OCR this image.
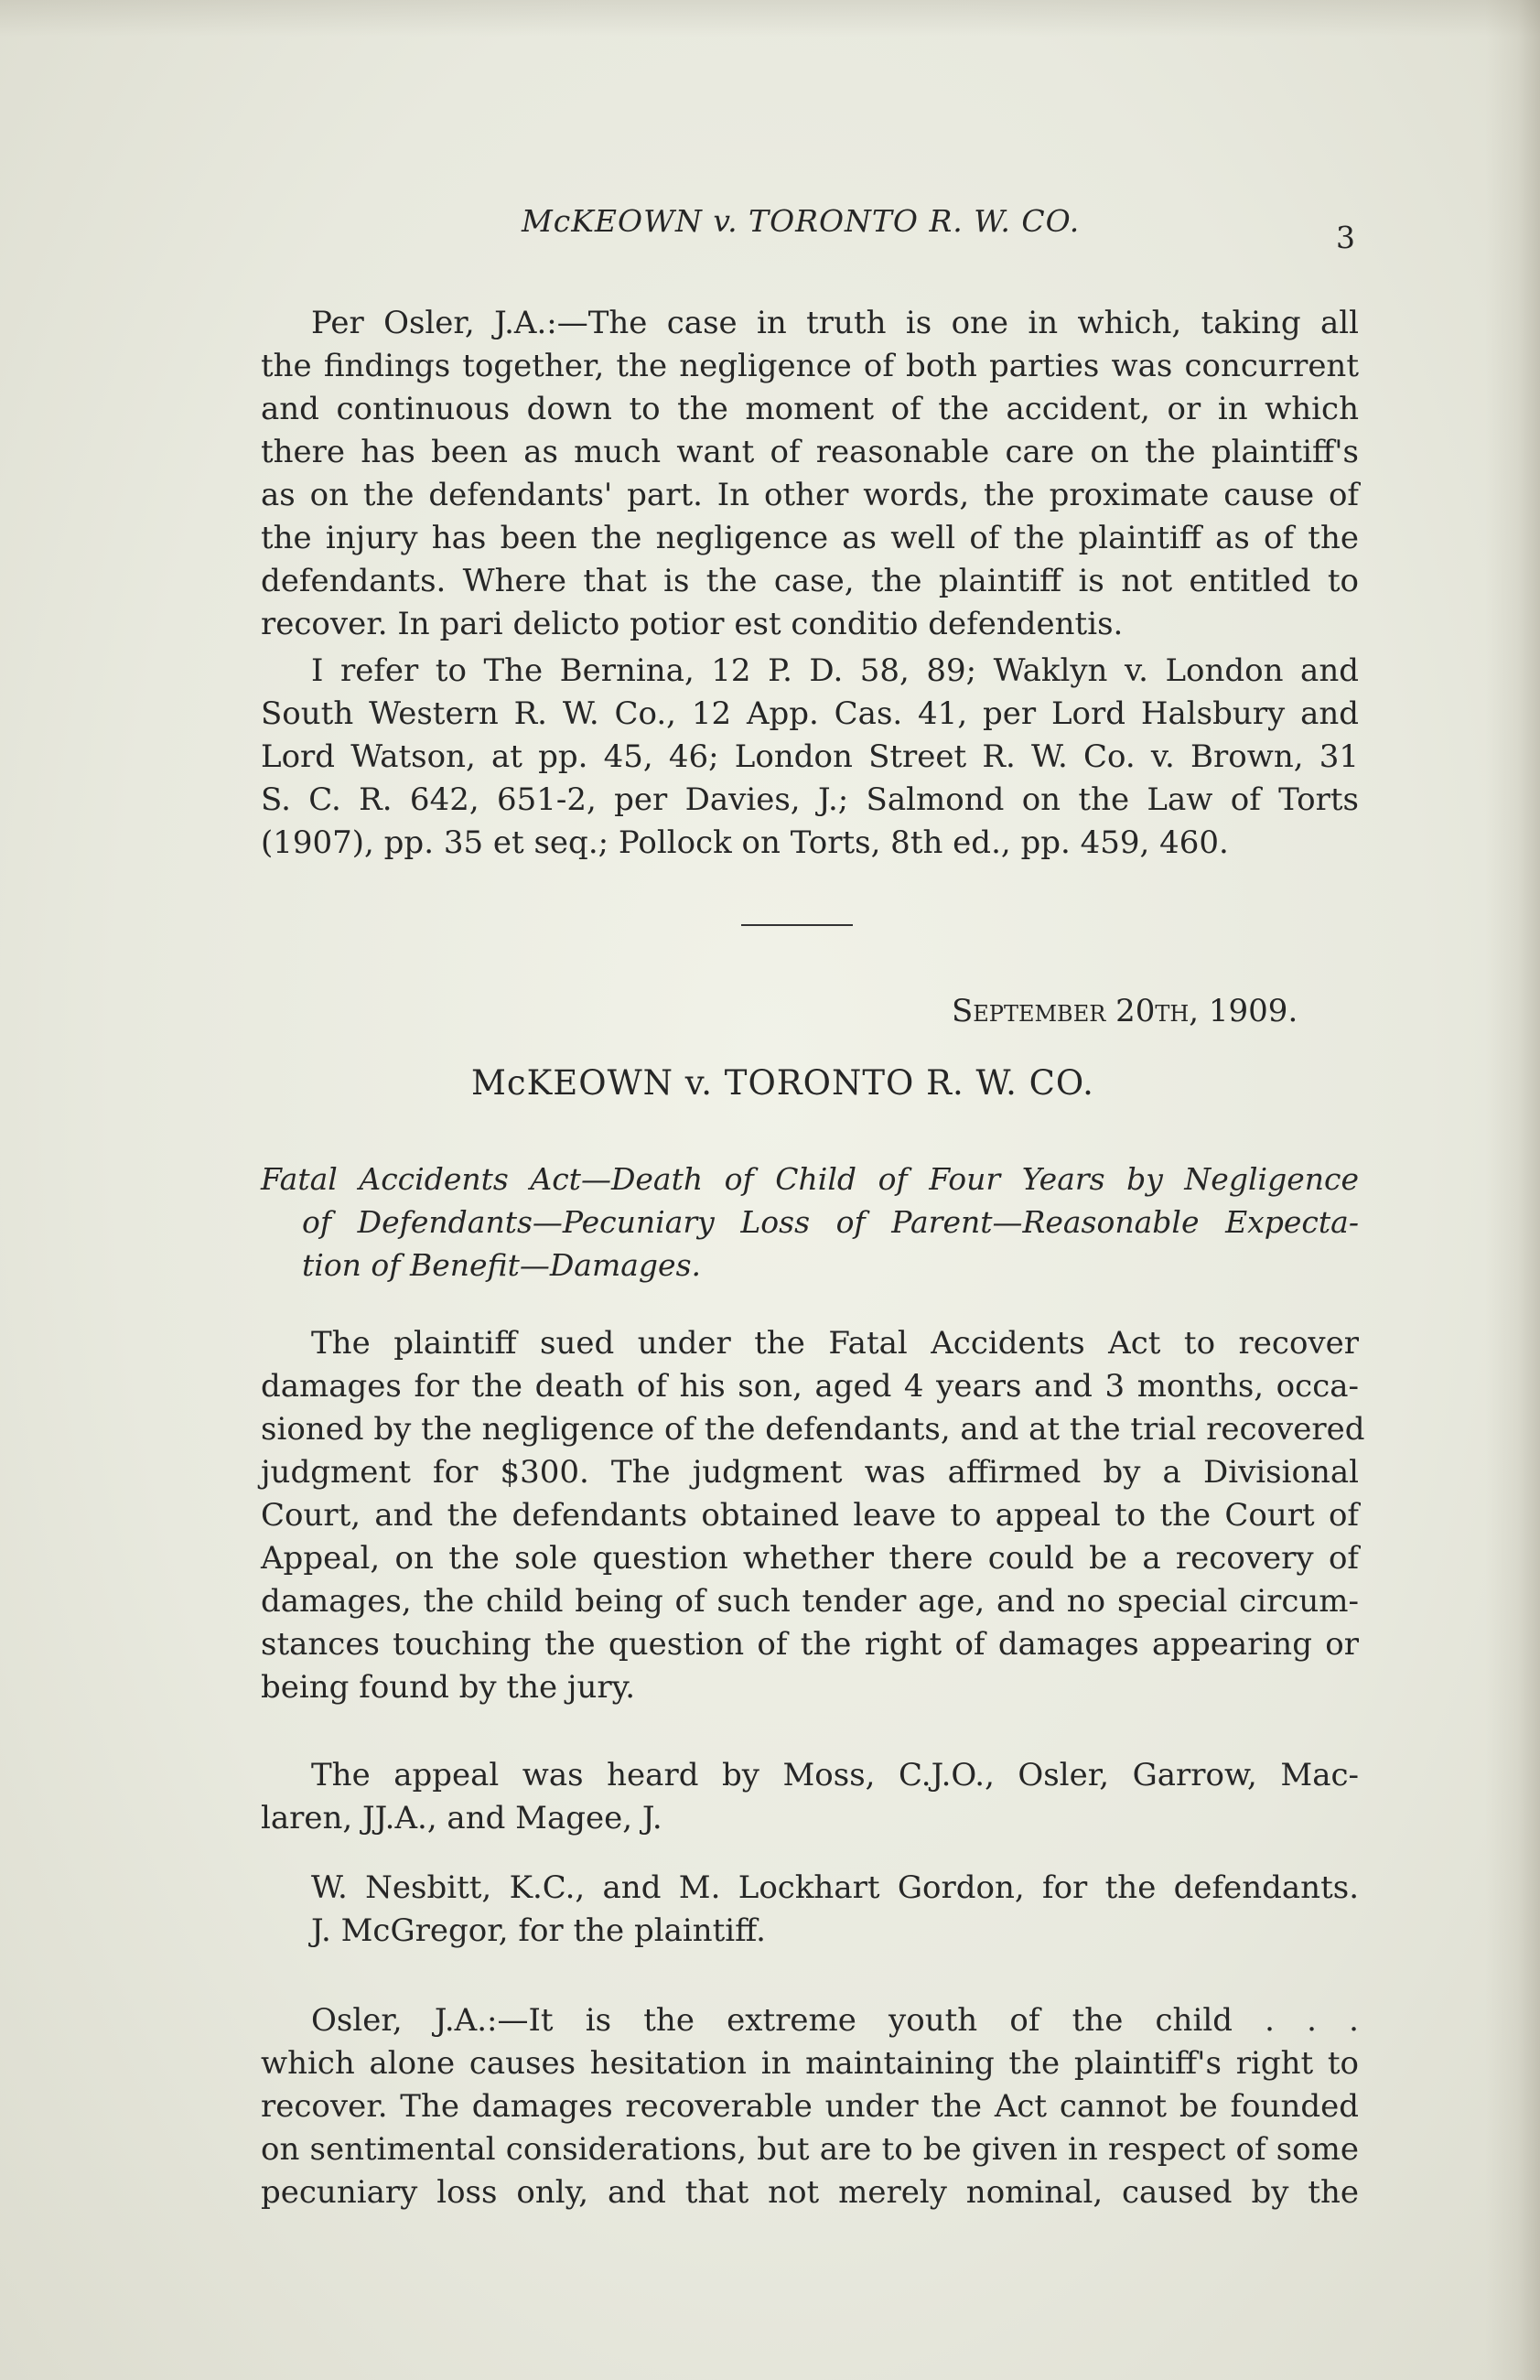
McKEOWN v. TORONTO R. W. CO.	3
Per Osler, J.A.:—The case in truth is one in which, taking all
the findings together, the negligence of both parties was concurrent
and continuous down to the moment of the accident, or in which
there has been as much want of reasonable care on the plaintiff's
as on the defendants' part. In other words, the proximate cause of
the injury has been the negligence as well of the plaintiff as of the
defendants. Where that is the case, the plaintiff is not entitled to
recover. In pari delicto potior est conditio defendentis.
I refer to The Bernina, 12 P. D. 58, 89; Waklyn v. London and
South Western R. W. Co., 12 App. Cas. 41, per Lord Halsbury and
Lord Watson, at pp. 45, 46; London Street R. W. Co. v. Brown, 31
S. C. R. 642, 651-2, per Davies, J.; Salmond on the Law of Torts
(1907), pp. 35 et seq.; Pollock on Torts, 8th ed., pp. 459, 460.
September 20th, 1909.
McKEOWN v. TORONTO R. W. CO.
Fatal Accidents Act—Death of Child of Four Years by Negligence
of Defendants—Pecuniary Loss of Parent—Reasonable Expecta-
tion of Benefit—Damages.
The plaintiff sued under the Fatal Accidents Act to recover
damages for the death of his son, aged 4 years and 3 months, occa-
sioned by the negligence of the defendants, and at the trial recovered
judgment for $300. The judgment was affirmed by a Divisional
Court, and the defendants obtained leave to appeal to the Court of
Appeal, on the sole question whether there could be a recovery of
damages, the child being of such tender age, and no special circum-
stances touching the question of the right of damages appearing or
being found by the jury.
The appeal was heard by Moss, C.J.O., Osler, Garrow, Mac-
laren, JJ.A., and Magee, J.
W. Nesbitt, K.C., and M. Lockhart Gordon, for the defendants.
J. McGregor, for the plaintiff.
Osler, J.A.:—It is the extreme youth of the child . . .
which alone causes hesitation in maintaining the plaintiff's right to
recover. The damages recoverable under the Act cannot be founded
on sentimental considerations, but are to be given in respect of some
pecuniary loss only, and that not merely nominal, caused by the
